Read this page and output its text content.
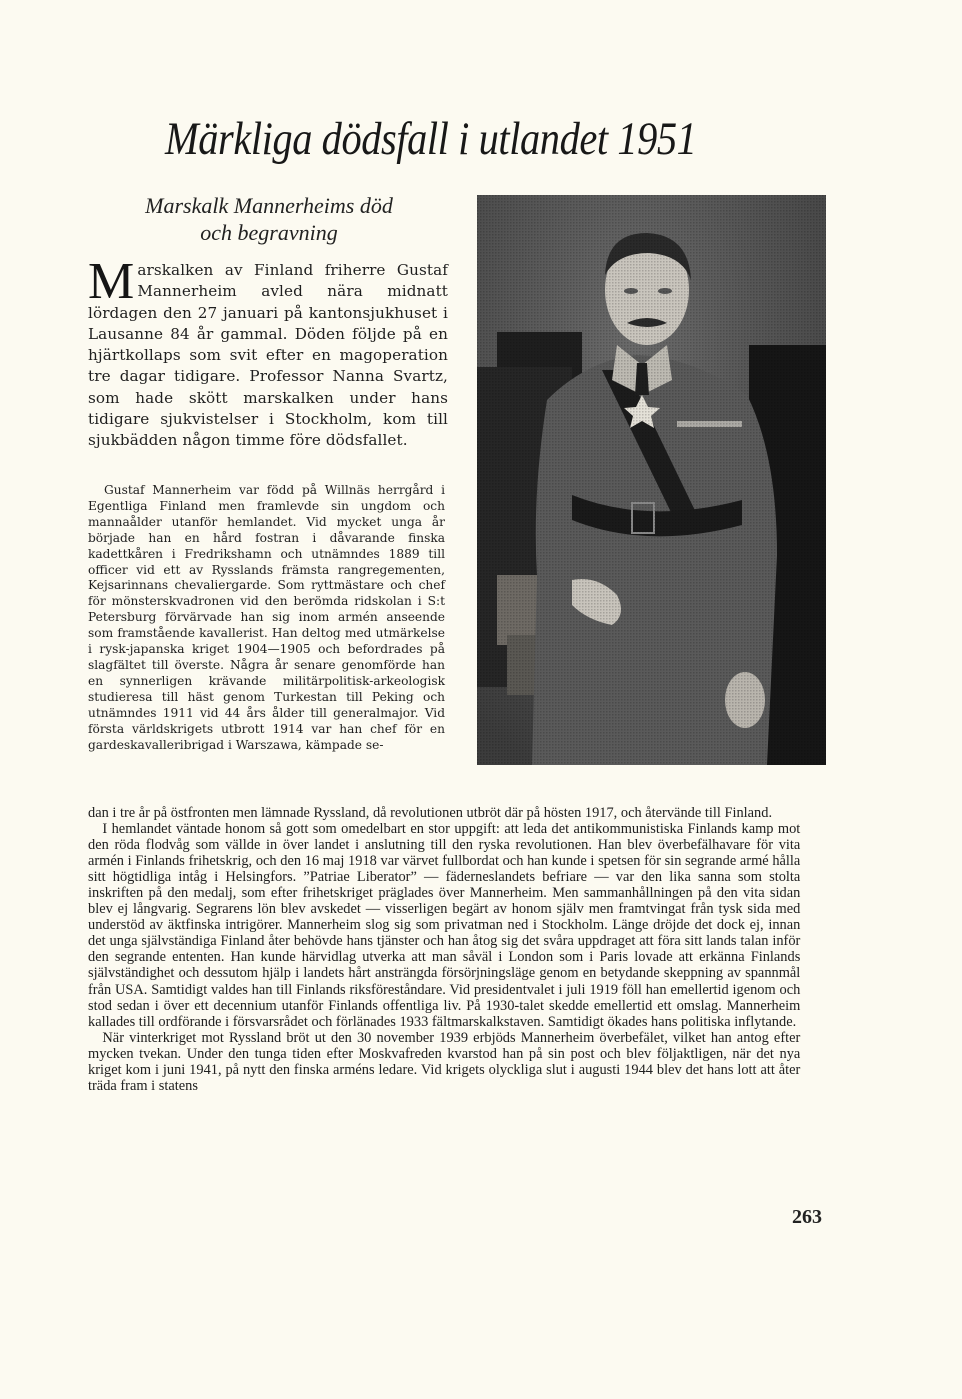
Märkliga dödsfall i utlandet 1951
Marskalk Mannerheims död
och begravning
Marskalken av Finland friherre Gustaf Mannerheim avled nära midnatt lördagen den 27 januari på kantonsjukhuset i Lausanne 84 år gammal. Döden följde på en hjärtkollaps som svit efter en magoperation tre dagar tidigare. Professor Nanna Svartz, som hade skött marskalken under hans tidigare sjukvistelser i Stockholm, kom till sjukbädden någon timme före dödsfallet.

Gustaf Mannerheim var född på Willnäs herrgård i Egentliga Finland men framlevde sin ungdom och mannaålder utanför hemlandet. Vid mycket unga år började han en hård fostran i dåvarande finska kadettkåren i Fredrikshamn och utnämndes 1889 till officer vid ett av Rysslands främsta rangregementen, Kejsarinnans chevaliergarde. Som ryttmästare och chef för mönsterskvadronen vid den berömda ridskolan i S:t Petersburg förvärvade han sig inom armén anseende som framstående kavallerist. Han deltog med utmärkelse i rysk-japanska kriget 1904—1905 och befordrades på slagfältet till överste. Några år senare genomförde han en synnerligen krävande militärpolitisk-arkeologisk studieresa till häst genom Turkestan till Peking och utnämndes 1911 vid 44 års ålder till generalmajor. Vid första världskrigets utbrott 1914 var han chef för en gardeskavalleribrigad i Warszawa, kämpade se-

dan i tre år på östfronten men lämnade Ryssland, då revolutionen utbröt där på hösten 1917, och återvände till Finland.

I hemlandet väntade honom så gott som omedelbart en stor uppgift: att leda det antikommunistiska Finlands kamp mot den röda flodvåg som vällde in över landet i anslutning till den ryska revolutionen. Han blev överbefälhavare för vita armén i Finlands frihetskrig, och den 16 maj 1918 var värvet fullbordat och han kunde i spetsen för sin segrande armé hålla sitt högtidliga intåg i Helsingfors. ”Patriae Liberator” — fäderneslandets befriare — var den lika sanna som stolta inskriften på den medalj, som efter frihetskriget präglades över Mannerheim. Men sammanhållningen på den vita sidan blev ej långvarig. Segrarens lön blev avskedet — visserligen begärt av honom själv men framtvingat från tysk sida med understöd av äktfinska intrigörer. Mannerheim slog sig som privatman ned i Stockholm. Länge dröjde det dock ej, innan det unga självständiga Finland åter behövde hans tjänster och han åtog sig det svåra uppdraget att föra sitt lands talan inför den segrande ententen. Han kunde härvidlag utverka att man såväl i London som i Paris lovade att erkänna Finlands självständighet och dessutom hjälp i landets hårt ansträngda försörjningsläge genom en betydande skeppning av spannmål från USA. Samtidigt valdes han till Finlands riksföreståndare. Vid presidentvalet i juli 1919 föll han emellertid igenom och stod sedan i över ett decennium utanför Finlands offentliga liv. På 1930-talet skedde emellertid ett omslag. Mannerheim kallades till ordförande i försvarsrådet och förlänades 1933 fältmarskalkstaven. Samtidigt ökades hans politiska inflytande.

När vinterkriget mot Ryssland bröt ut den 30 november 1939 erbjöds Mannerheim överbefälet, vilket han antog efter mycken tvekan. Under den tunga tiden efter Moskvafreden kvarstod han på sin post och blev följaktligen, när det nya kriget kom i juni 1941, på nytt den finska arméns ledare. Vid krigets olyckliga slut i augusti 1944 blev det hans lott att åter träda fram i statens

263
